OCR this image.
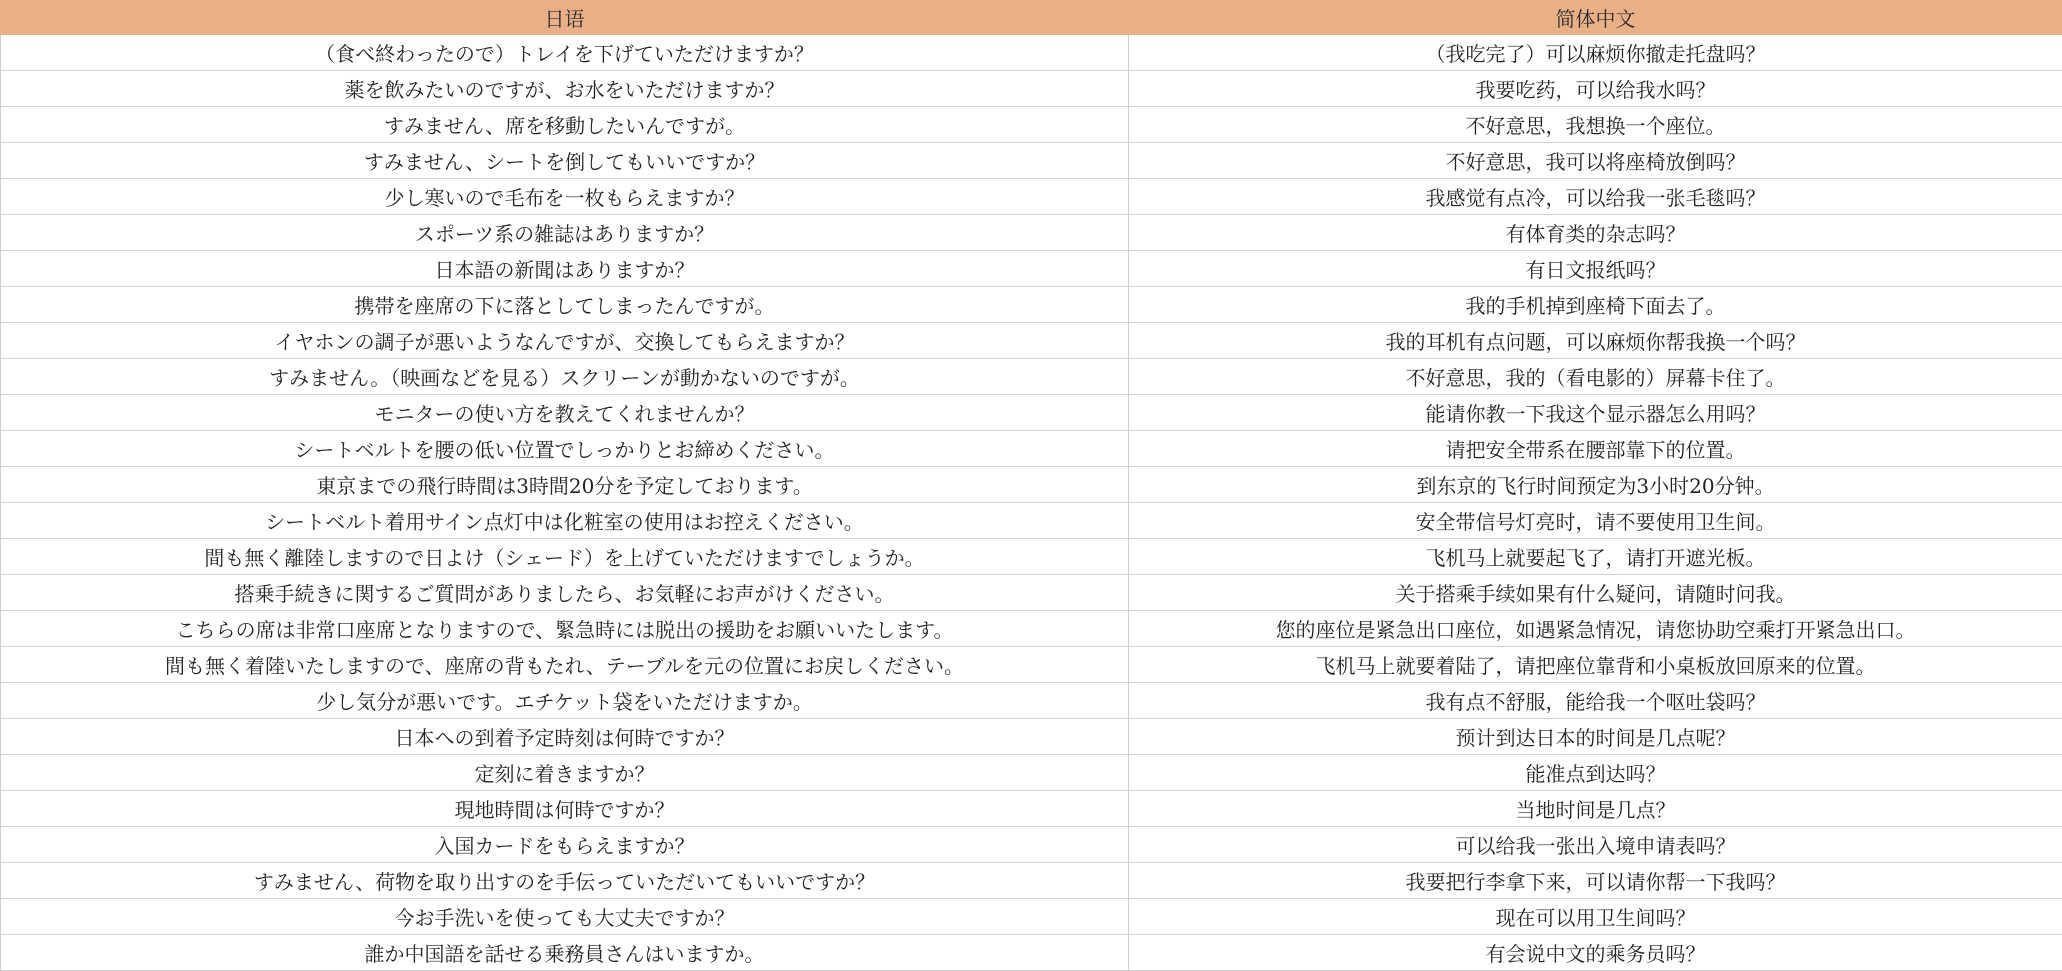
日语	简体中文
（食べ終わったので）トレイを下げていただけますか？	（我吃完了）可以麻烦你撤走托盘吗？
薬を飲みたいのですが、お水をいただけますか？	我要吃药，可以给我水吗？
すみません、席を移動したいんですが。	不好意思，我想换一个座位。
すみません、シートを倒してもいいですか？	不好意思，我可以将座椅放倒吗？
少し寒いので毛布を一枚もらえますか？	我感觉有点冷，可以给我一张毛毯吗？
スポーツ系の雑誌はありますか？	有体育类的杂志吗？
日本語の新聞はありますか？	有日文报纸吗？
携帯を座席の下に落としてしまったんですが。	我的手机掉到座椅下面去了。
イヤホンの調子が悪いようなんですが、交換してもらえますか？	我的耳机有点问题，可以麻烦你帮我换一个吗？
すみません。（映画などを見る）スクリーンが動かないのですが。	不好意思，我的（看电影的）屏幕卡住了。
モニターの使い方を教えてくれませんか？	能请你教一下我这个显示器怎么用吗？
シートベルトを腰の低い位置でしっかりとお締めください。	请把安全带系在腰部靠下的位置。
東京までの飛行時間は3時間20分を予定しております。	到东京的飞行时间预定为3小时20分钟。
シートベルト着用サイン点灯中は化粧室の使用はお控えください。	安全带信号灯亮时，请不要使用卫生间。
間も無く離陸しますので日よけ（シェード）を上げていただけますでしょうか。	飞机马上就要起飞了，请打开遮光板。
搭乗手続きに関するご質問がありましたら、お気軽にお声がけください。	关于搭乘手续如果有什么疑问，请随时问我。
こちらの席は非常口座席となりますので、緊急時には脱出の援助をお願いいたします。	您的座位是紧急出口座位，如遇紧急情况，请您协助空乘打开紧急出口。
間も無く着陸いたしますので、座席の背もたれ、テーブルを元の位置にお戻しください。	飞机马上就要着陆了，请把座位靠背和小桌板放回原来的位置。
少し気分が悪いです。エチケット袋をいただけますか。	我有点不舒服，能给我一个呕吐袋吗？
日本への到着予定時刻は何時ですか？	预计到达日本的时间是几点呢？
定刻に着きますか？	能准点到达吗？
現地時間は何時ですか？	当地时间是几点？
入国カードをもらえますか？	可以给我一张出入境申请表吗？
すみません、荷物を取り出すのを手伝っていただいてもいいですか？	我要把行李拿下来，可以请你帮一下我吗？
今お手洗いを使っても大丈夫ですか？	现在可以用卫生间吗？
誰か中国語を話せる乗務員さんはいますか。	有会说中文的乘务员吗？
